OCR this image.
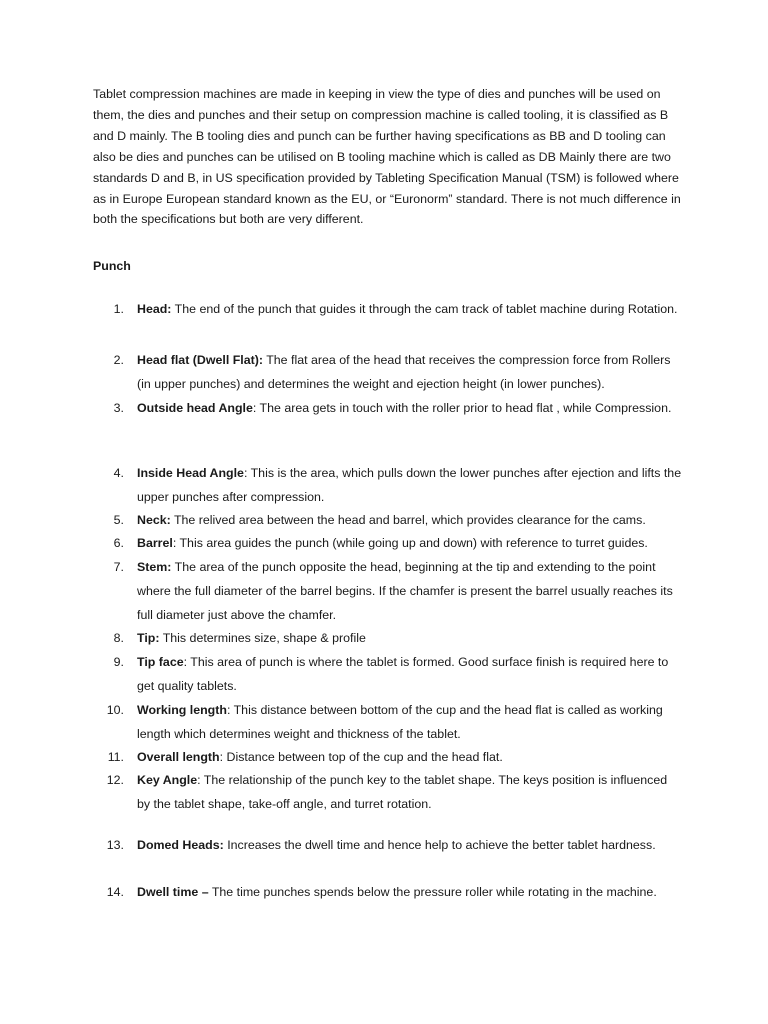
Tablet compression machines are made in keeping in view the type of dies and punches will be used on them, the dies and punches and their setup on compression machine is called tooling, it is classified as B and D mainly. The B tooling dies and punch can be further having specifications as BB and D tooling can also be dies and punches can be utilised on B tooling machine which is called as DB Mainly there are two standards D and B, in US specification provided by Tableting Specification Manual (TSM) is followed where as in Europe European standard known as the EU, or “Euronorm” standard. There is not much difference in both the specifications but both are very different.

Punch

1. Head: The end of the punch that guides it through the cam track of tablet machine during Rotation.
2. Head flat (Dwell Flat): The flat area of the head that receives the compression force from Rollers (in upper punches) and determines the weight and ejection height (in lower punches).
3. Outside head Angle: The area gets in touch with the roller prior to head flat , while Compression.
4. Inside Head Angle: This is the area, which pulls down the lower punches after ejection and lifts the upper punches after compression.
5. Neck: The relived area between the head and barrel, which provides clearance for the cams.
6. Barrel: This area guides the punch (while going up and down) with reference to turret guides.
7. Stem: The area of the punch opposite the head, beginning at the tip and extending to the point where the full diameter of the barrel begins. If the chamfer is present the barrel usually reaches its full diameter just above the chamfer.
8. Tip: This determines size, shape & profile
9. Tip face: This area of punch is where the tablet is formed. Good surface finish is required here to get quality tablets.
10. Working length: This distance between bottom of the cup and the head flat is called as working length which determines weight and thickness of the tablet.
11. Overall length: Distance between top of the cup and the head flat.
12. Key Angle: The relationship of the punch key to the tablet shape. The keys position is influenced by the tablet shape, take-off angle, and turret rotation.
13. Domed Heads: Increases the dwell time and hence help to achieve the better tablet hardness.
14. Dwell time – The time punches spends below the pressure roller while rotating in the machine.
